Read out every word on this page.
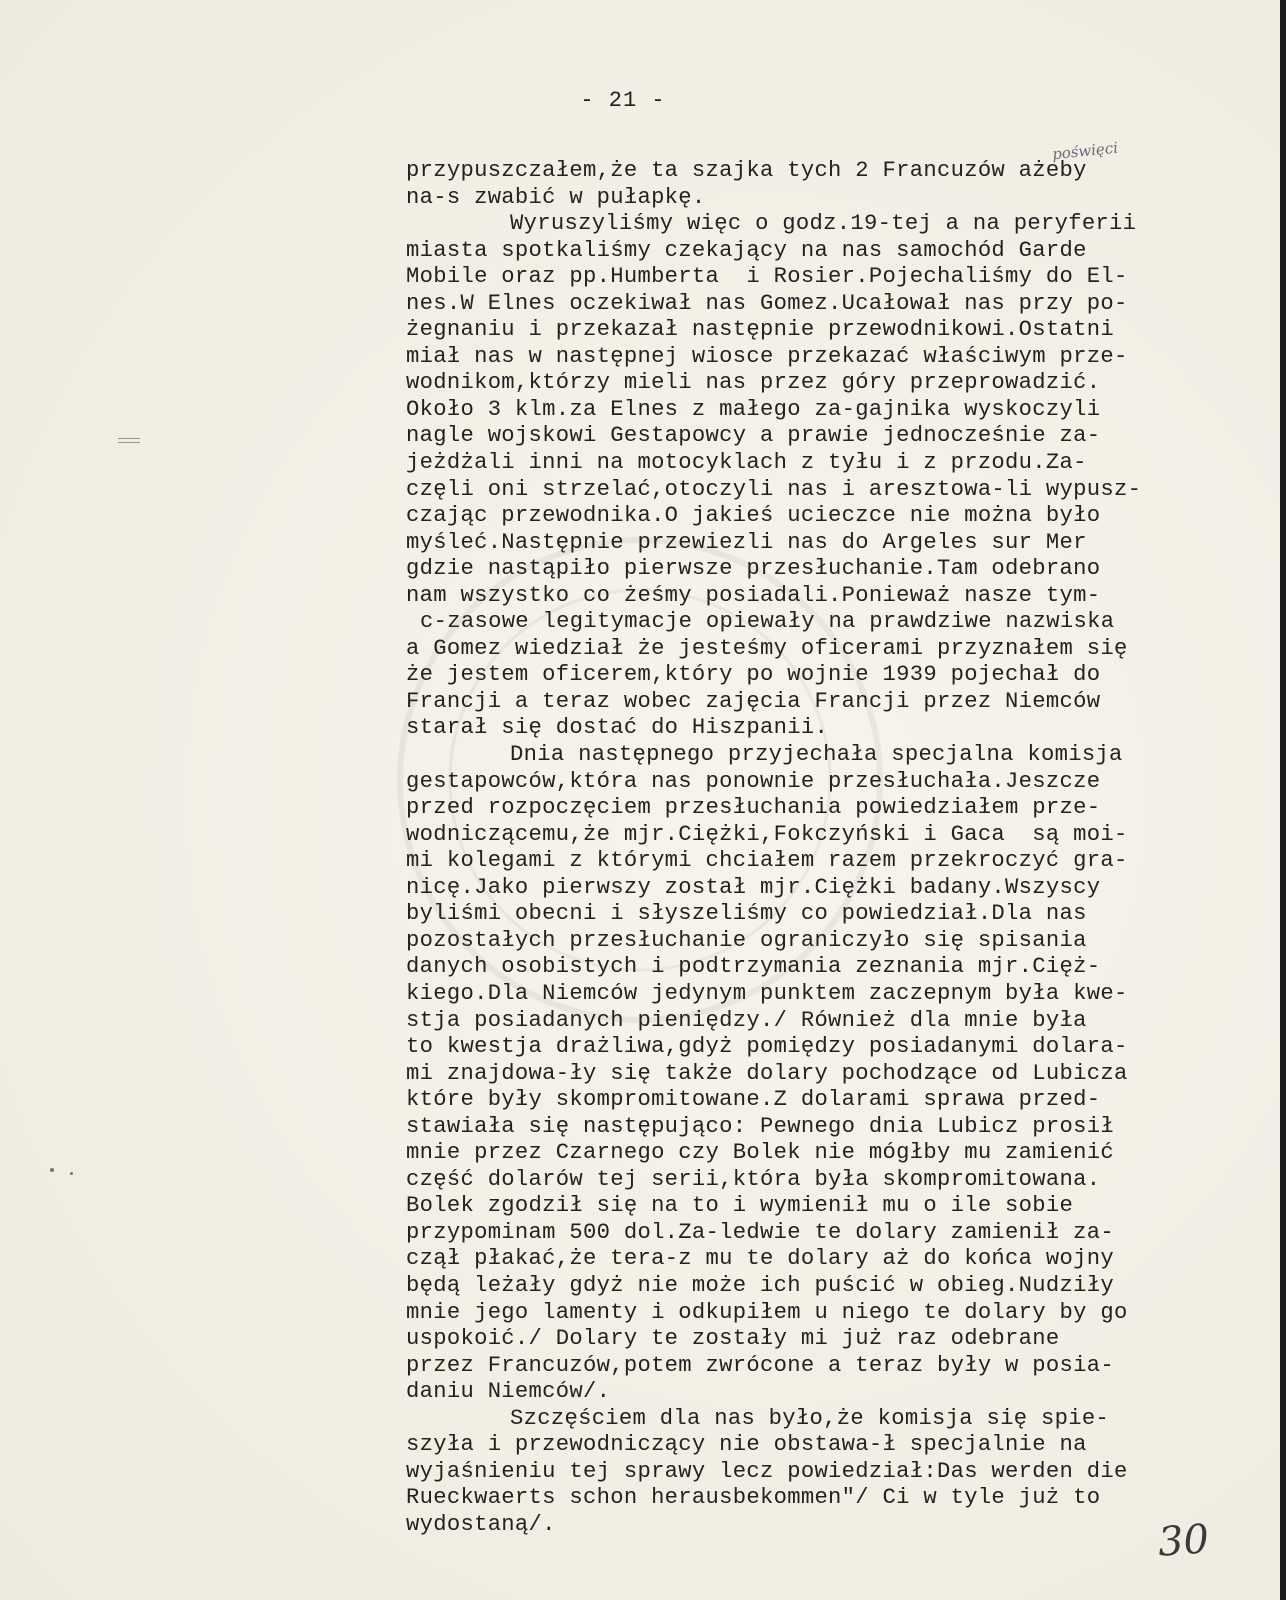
- 21 -
poświęci
przypuszczałem,że ta szajka tych 2 Francuzów ażeby
na-s zwabić w pułapkę.
Wyruszyliśmy więc o godz.19-tej a na peryferii
miasta spotkaliśmy czekający na nas samochód Garde
Mobile oraz pp.Humberta  i Rosier.Pojechaliśmy do El-
nes.W Elnes oczekiwał nas Gomez.Ucałował nas przy po-
żegnaniu i przekazał następnie przewodnikowi.Ostatni
miał nas w następnej wiosce przekazać właściwym prze-
wodnikom,którzy mieli nas przez góry przeprowadzić.
Około 3 klm.za Elnes z małego za-gajnika wyskoczyli
nagle wojskowi Gestapowcy a prawie jednocześnie za-
jeżdżali inni na motocyklach z tyłu i z przodu.Za-
częli oni strzelać,otoczyli nas i aresztowa-li wypusz-
czając przewodnika.O jakieś ucieczce nie można było
myśleć.Następnie przewiezli nas do Argeles sur Mer
gdzie nastąpiło pierwsze przesłuchanie.Tam odebrano
nam wszystko co żeśmy posiadali.Ponieważ nasze tym-
c-zasowe legitymacje opiewały na prawdziwe nazwiska
a Gomez wiedział że jesteśmy oficerami przyznałem się
że jestem oficerem,który po wojnie 1939 pojechał do
Francji a teraz wobec zajęcia Francji przez Niemców
starał się dostać do Hiszpanii.
Dnia następnego przyjechała specjalna komisja
gestapowców,która nas ponownie przesłuchała.Jeszcze
przed rozpoczęciem przesłuchania powiedziałem prze-
wodniczącemu,że mjr.Ciężki,Fokczyński i Gaca  są moi-
mi kolegami z którymi chciałem razem przekroczyć gra-
nicę.Jako pierwszy został mjr.Ciężki badany.Wszyscy
byliśmi obecni i słyszeliśmy co powiedział.Dla nas
pozostałych przesłuchanie ograniczyło się spisania
danych osobistych i podtrzymania zeznania mjr.Cięż-
kiego.Dla Niemców jedynym punktem zaczepnym była kwe-
stja posiadanych pieniędzy./ Również dla mnie była
to kwestja drażliwa,gdyż pomiędzy posiadanymi dolara-
mi znajdowa-ły się także dolary pochodzące od Lubicza
które były skompromitowane.Z dolarami sprawa przed-
stawiała się następująco: Pewnego dnia Lubicz prosił
mnie przez Czarnego czy Bolek nie mógłby mu zamienić
część dolarów tej serii,która była skompromitowana.
Bolek zgodził się na to i wymienił mu o ile sobie
przypominam 500 dol.Za-ledwie te dolary zamienił za-
czął płakać,że tera-z mu te dolary aż do końca wojny
będą leżały gdyż nie może ich puścić w obieg.Nudziły
mnie jego lamenty i odkupiłem u niego te dolary by go
uspokoić./ Dolary te zostały mi już raz odebrane
przez Francuzów,potem zwrócone a teraz były w posia-
daniu Niemców/.
Szczęściem dla nas było,że komisja się spie-
szyła i przewodniczący nie obstawa-ł specjalnie na
wyjaśnieniu tej sprawy lecz powiedział:Das werden die
Rueckwaerts schon herausbekommen"/ Ci w tyle już to
wydostaną/.	30
